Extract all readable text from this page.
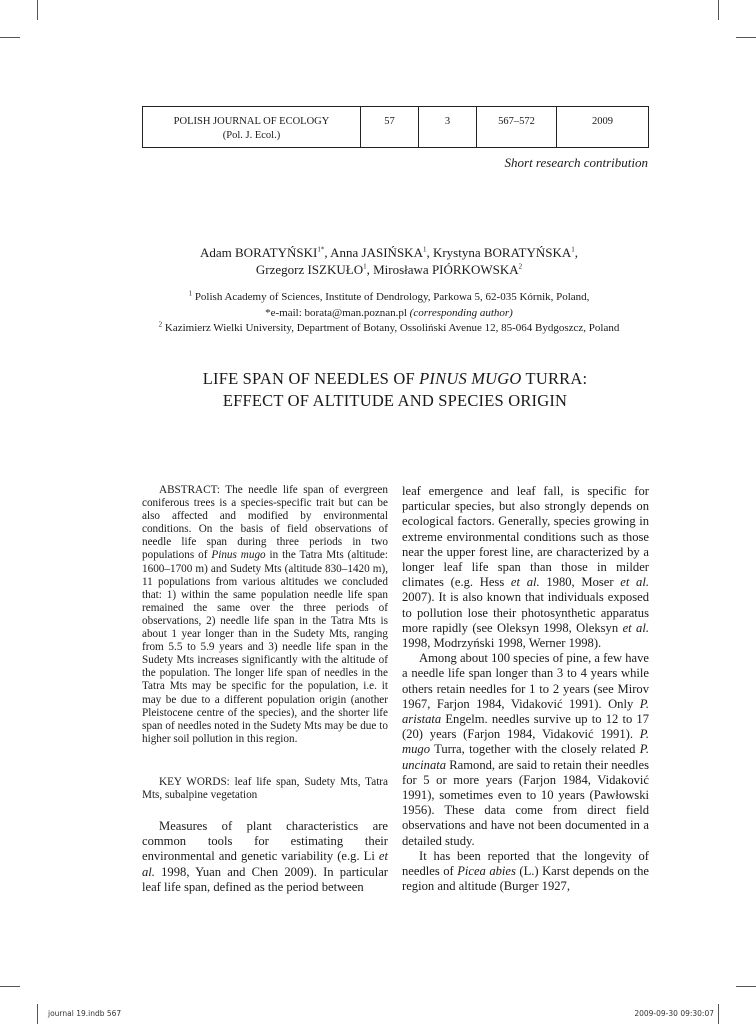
POLISH JOURNAL OF ECOLOGY
(Pol. J. Ecol.)
	57	3	567–572	2009
Short research contribution
Adam $BORATYŃSKI^{1*}$, Anna JASIŃSKA$^1$, Krystyna BORATYŃSKA$^1$,
Grzegorz ISZKUŁO$^1$, Mirosława PIÓRKOWSKA$^2$
$^1$ Polish Academy of Sciences, Institute of Dendrology, Parkowa 5, 62-035 Kórnik, Poland,
*e-mail: borata@man.poznan.pl (corresponding author)
$^2$ Kazimierz Wielki University, Department of Botany, Ossoliński Avenue 12, 85-064 Bydgoszcz, Poland
LIFE SPAN OF NEEDLES OF PINUS MUGO TURRA:
EFFECT OF ALTITUDE AND SPECIES ORIGIN

ABSTRACT: The needle life span of evergreen coniferous trees is a species-specific trait but can be also affected and modified by environmental conditions. On the basis of field observations of needle life span during three periods in two populations of Pinus mugo in the Tatra Mts (altitude: 1600–1700 m) and Sudety Mts (altitude 830–1420 m), 11 populations from various altitudes we concluded that: 1) within the same population needle life span remained the same over the three periods of observations, 2) needle life span in the Tatra Mts is about 1 year longer than in the Sudety Mts, ranging from 5.5 to 5.9 years and 3) needle life span in the Sudety Mts increases significantly with the altitude of the population. The longer life span of needles in the Tatra Mts may be specific for the population, i.e. it may be due to a different population origin (another Pleistocene centre of the species), and the shorter life span of needles noted in the Sudety Mts may be due to higher soil pollution in this region.

KEY WORDS: leaf life span, Sudety Mts, Tatra Mts, subalpine vegetation

Measures of plant characteristics are common tools for estimating their environmental and genetic variability (e.g. Li et al. 1998, Yuan and Chen 2009). In particular leaf life span, defined as the period between

leaf emergence and leaf fall, is specific for particular species, but also strongly depends on ecological factors. Generally, species growing in extreme environmental conditions such as those near the upper forest line, are characterized by a longer leaf life span than those in milder climates (e.g. Hess et al. 1980, Moser et al. 2007). It is also known that individuals exposed to pollution lose their photosynthetic apparatus more rapidly (see Oleksyn 1998, Oleksyn et al. 1998, Modrzyński 1998, Werner 1998).

Among about 100 species of pine, a few have a needle life span longer than 3 to 4 years while others retain needles for 1 to 2 years (see Mirov 1967, Farjon 1984, Vidaković 1991). Only P. aristata Engelm. needles survive up to 12 to 17 (20) years (Farjon 1984, Vidaković 1991). P. mugo Turra, together with the closely related P. uncinata Ramond, are said to retain their needles for 5 or more years (Farjon 1984, Vidaković 1991), sometimes even to 10 years (Pawłowski 1956). These data come from direct field observations and have not been documented in a detailed study.

It has been reported that the longevity of needles of Picea abies (L.) Karst depends on the region and altitude (Burger 1927,

journal 19.indb 567	2009-09-30 09:30:07
